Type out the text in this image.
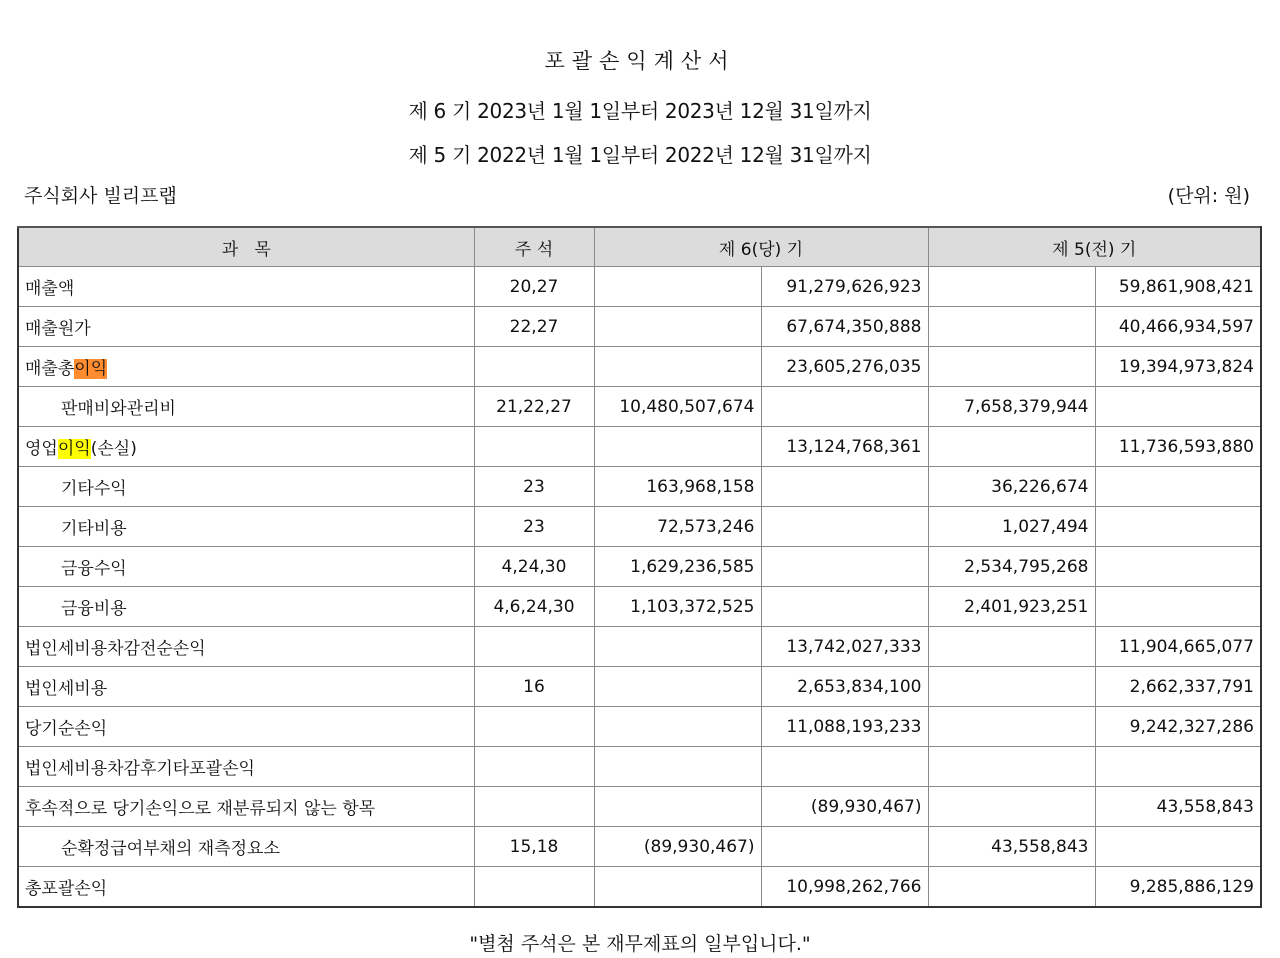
포괄손익계산서
제 6 기 2023년 1월 1일부터 2023년 12월 31일까지
제 5 기 2022년 1월 1일부터 2022년 12월 31일까지
주식회사 빌리프랩	(단위: 원)
과   목	주 석	제 6(당) 기		제 5(전) 기	
매출액	20,27		91,279,626,923		59,861,908,421
매출원가	22,27		67,674,350,888		40,466,934,597
매출총이익			23,605,276,035		19,394,973,824
판매비와관리비	21,22,27	10,480,507,674		7,658,379,944	
영업이익(손실)			13,124,768,361		11,736,593,880
기타수익	23	163,968,158		36,226,674	
기타비용	23	72,573,246		1,027,494	
금융수익	4,24,30	1,629,236,585		2,534,795,268	
금융비용	4,6,24,30	1,103,372,525		2,401,923,251	
법인세비용차감전순손익			13,742,027,333		11,904,665,077
법인세비용	16		2,653,834,100		2,662,337,791
당기순손익			11,088,193,233		9,242,327,286
법인세비용차감후기타포괄손익					
후속적으로 당기손익으로 재분류되지 않는 항목			(89,930,467)		43,558,843
순확정급여부채의 재측정요소	15,18	(89,930,467)		43,558,843	
총포괄손익			10,998,262,766		9,285,886,129
"별첨 주석은 본 재무제표의 일부입니다."
